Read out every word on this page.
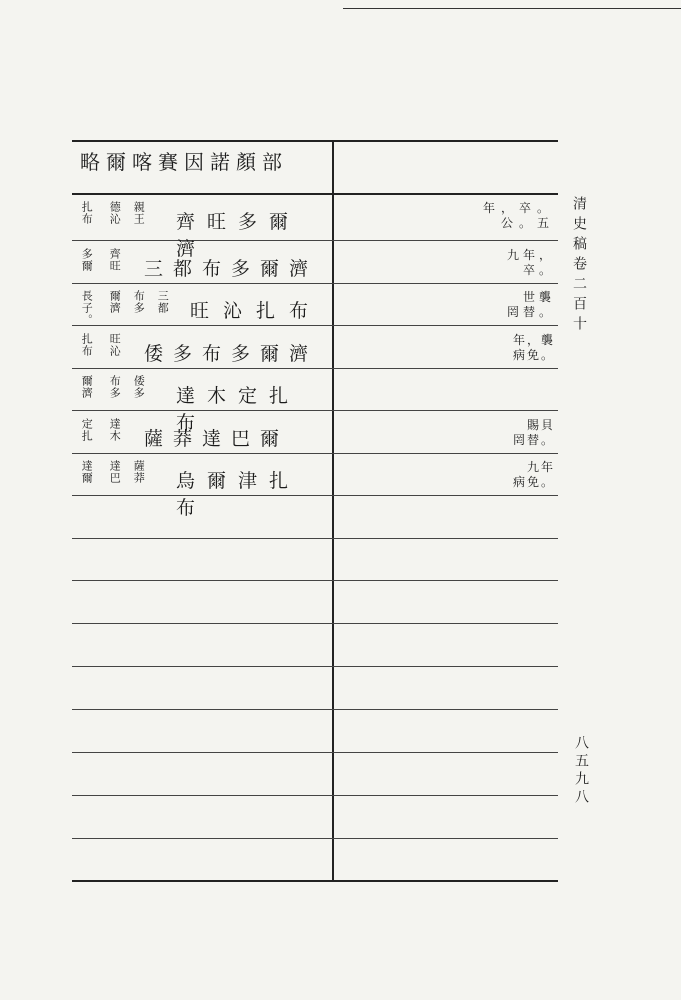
清史稿卷二百十
八五九八
略爾喀賽因諾顏部
扎布 德沁 親王 齊旺多爾濟
年，卒。
公。五
多爾 齊旺 三都布多爾濟
九年，
卒。
長子。 爾濟 布多 三都 旺沁扎布
世襲
罔替。
扎布 旺沁 倭多布多爾濟
年，襲
病免。
爾濟 布多 倭多 達木定扎布
定扎 達木 薩莽達巴爾
賜貝
罔替。
達爾 達巴 薩莽 烏爾津扎布
九年
病免。
